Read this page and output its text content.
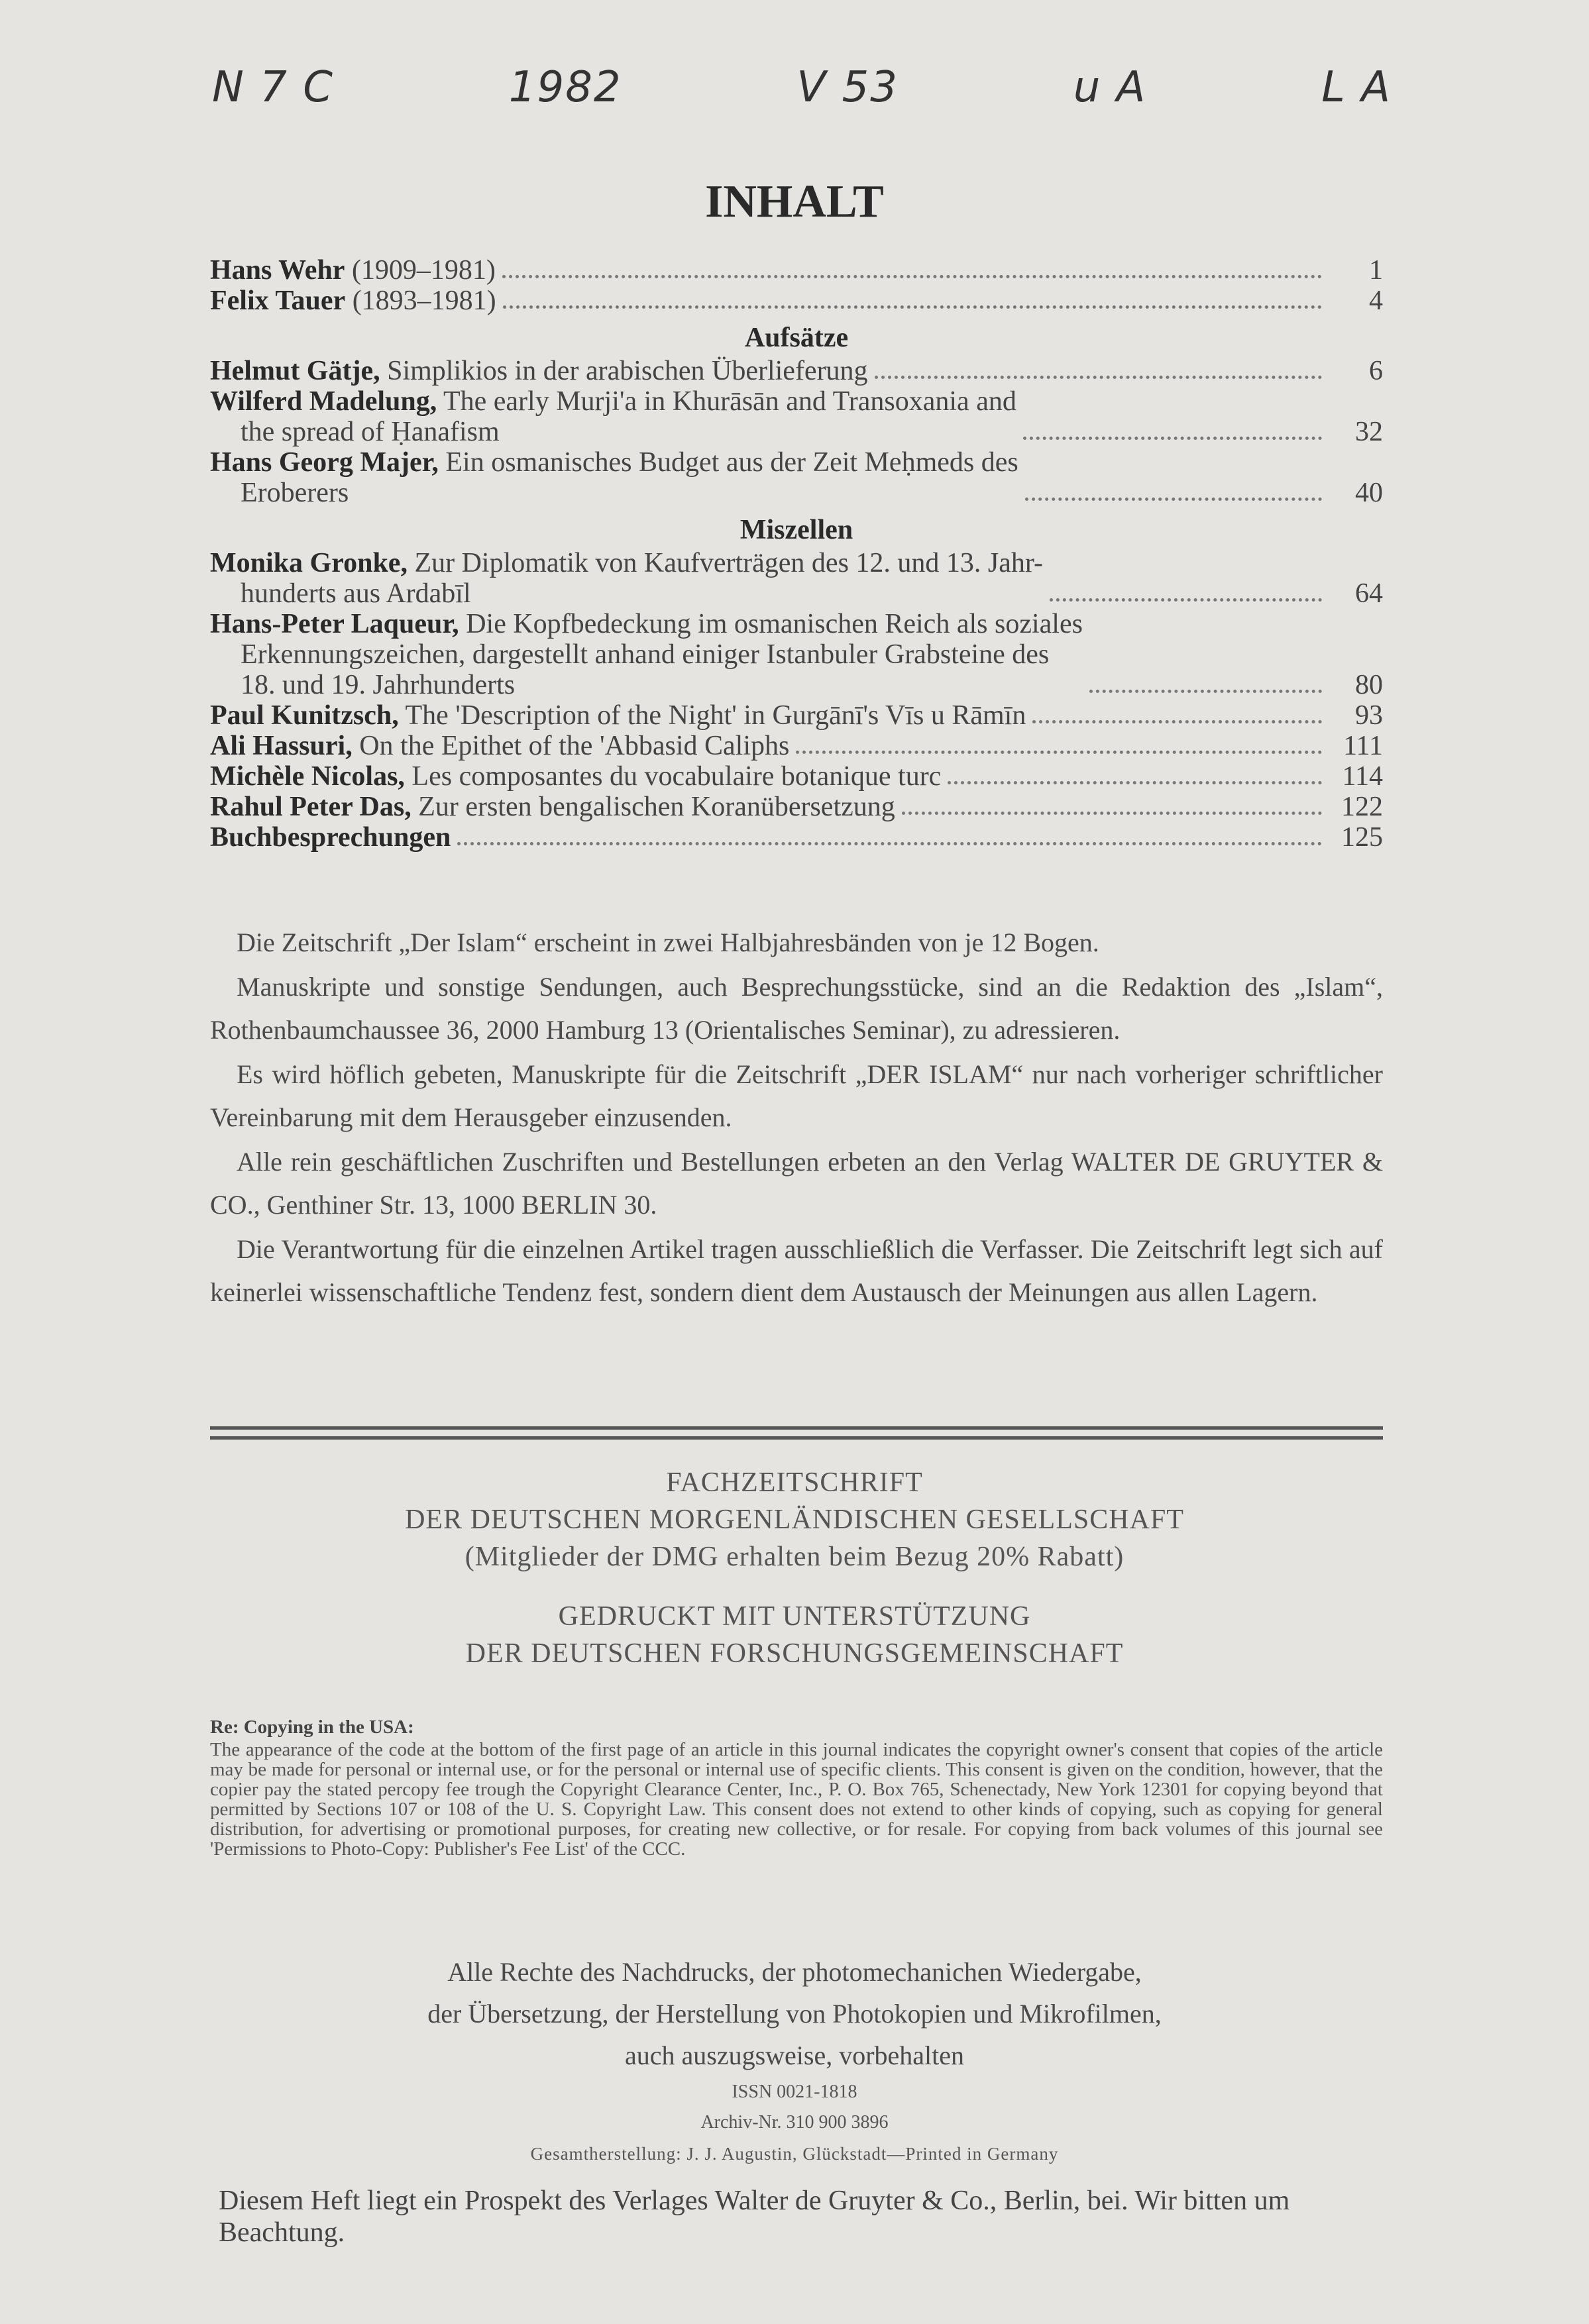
N 7 C	1982	V 53	u A	L A
INHALT
Hans Wehr (1909–1981)	1
Felix Tauer (1893–1981)	4
Aufsätze
Helmut Gätje, Simplikios in der arabischen Überlieferung	6
Wilferd Madelung, The early Murji'a in Khurāsān and Transoxania and
the spread of Ḥanafism	32
Hans Georg Majer, Ein osmanisches Budget aus der Zeit Meḥmeds des
Eroberers	40
Miszellen
Monika Gronke, Zur Diplomatik von Kaufverträgen des 12. und 13. Jahr-
hunderts aus Ardabīl	64
Hans-Peter Laqueur, Die Kopfbedeckung im osmanischen Reich als soziales
Erkennungszeichen, dargestellt anhand einiger Istanbuler Grabsteine des
18. und 19. Jahrhunderts	80
Paul Kunitzsch, The 'Description of the Night' in Gurgānī's Vīs u Rāmīn	93
Ali Hassuri, On the Epithet of the 'Abbasid Caliphs	111
Michèle Nicolas, Les composantes du vocabulaire botanique turc	114
Rahul Peter Das, Zur ersten bengalischen Koranübersetzung	122
Buchbesprechungen	125

Die Zeitschrift „Der Islam“ erscheint in zwei Halbjahresbänden von je 12 Bogen.

Manuskripte und sonstige Sendungen, auch Besprechungsstücke, sind an die Redaktion des „Islam“, Rothenbaumchaussee 36, 2000 Hamburg 13 (Orientalisches Seminar), zu adressieren.

Es wird höflich gebeten, Manuskripte für die Zeitschrift „DER ISLAM“ nur nach vorheriger schriftlicher Vereinbarung mit dem Herausgeber einzusenden.

Alle rein geschäftlichen Zuschriften und Bestellungen erbeten an den Verlag WALTER DE GRUYTER & CO., Genthiner Str. 13, 1000 BERLIN 30.

Die Verantwortung für die einzelnen Artikel tragen ausschließlich die Verfasser. Die Zeitschrift legt sich auf keinerlei wissenschaftliche Tendenz fest, sondern dient dem Austausch der Meinungen aus allen Lagern.

FACHZEITSCHRIFT
DER DEUTSCHEN MORGENLÄNDISCHEN GESELLSCHAFT
(Mitglieder der DMG erhalten beim Bezug 20% Rabatt)
GEDRUCKT MIT UNTERSTÜTZUNG
DER DEUTSCHEN FORSCHUNGSGEMEINSCHAFT
Re: Copying in the USA:
The appearance of the code at the bottom of the first page of an article in this journal indicates the copyright owner's consent that copies of the article may be made for personal or internal use, or for the personal or internal use of specific clients. This consent is given on the condition, however, that the copier pay the stated percopy fee trough the Copyright Clearance Center, Inc., P. O. Box 765, Schenectady, New York 12301 for copying beyond that permitted by Sections 107 or 108 of the U. S. Copyright Law. This consent does not extend to other kinds of copying, such as copying for general distribution, for advertising or promotional purposes, for creating new collective, or for resale. For copying from back volumes of this journal see 'Permissions to Photo-Copy: Publisher's Fee List' of the CCC.
Alle Rechte des Nachdrucks, der photomechanichen Wiedergabe,
der Übersetzung, der Herstellung von Photokopien und Mikrofilmen,
auch auszugsweise, vorbehalten
ISSN 0021-1818
Archiv-Nr. 310 900 3896
Gesamtherstellung: J. J. Augustin, Glückstadt—Printed in Germany
Diesem Heft liegt ein Prospekt des Verlages Walter de Gruyter & Co., Berlin, bei. Wir bitten um Beachtung.
